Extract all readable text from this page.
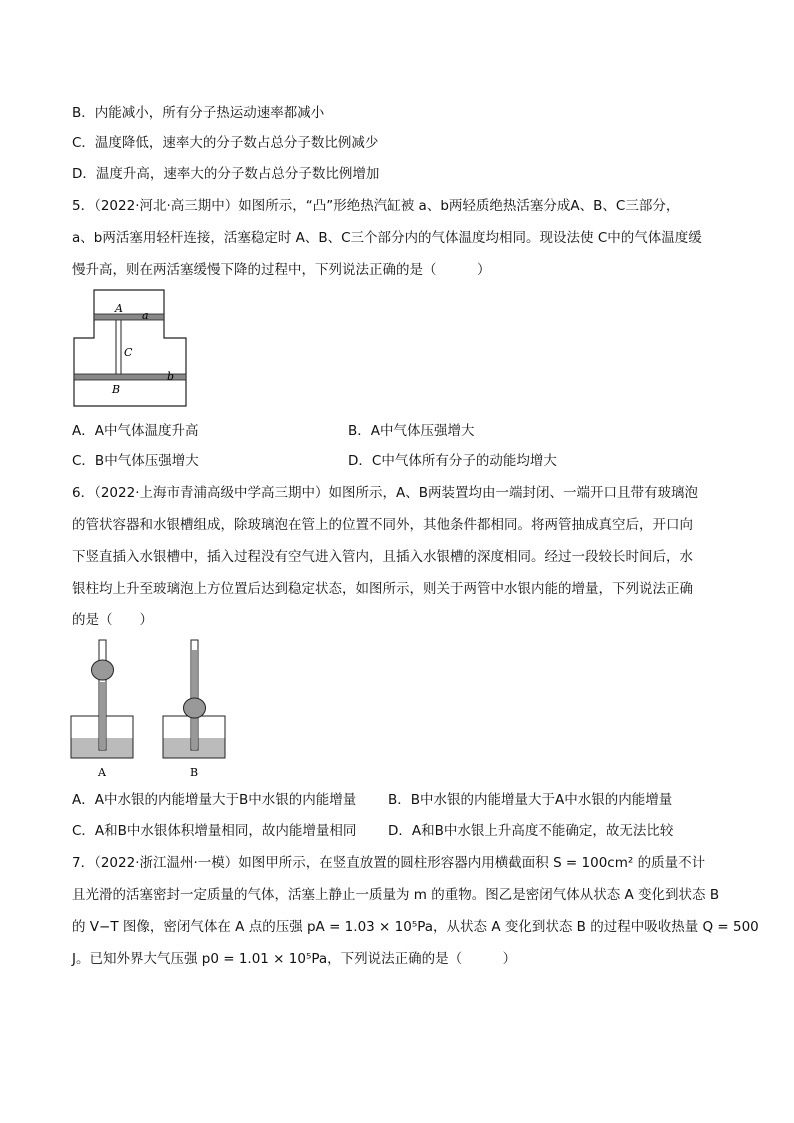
B．内能减小，所有分子热运动速率都减小
C．温度降低，速率大的分子数占总分子数比例减少
D．温度升高，速率大的分子数占总分子数比例增加
5．（2022·河北·高三期中）如图所示，“凸”形绝热汽缸被 a、b两轻质绝热活塞分成A、B、C三部分，
a、b两活塞用轻杆连接，活塞稳定时 A、B、C三个部分内的气体温度均相同。现设法使 C中的气体温度缓
慢升高，则在两活塞缓慢下降的过程中，下列说法正确的是（　　　）
A
a
C
B
b
A．A中气体温度升高	B．A中气体压强增大
C．B中气体压强增大	D．C中气体所有分子的动能均增大
6．（2022·上海市青浦高级中学高三期中）如图所示，A、B两装置均由一端封闭、一端开口且带有玻璃泡
的管状容器和水银槽组成，除玻璃泡在管上的位置不同外，其他条件都相同。将两管抽成真空后，开口向
下竖直插入水银槽中，插入过程没有空气进入管内，且插入水银槽的深度相同。经过一段较长时间后，水
银柱均上升至玻璃泡上方位置后达到稳定状态，如图所示，则关于两管中水银内能的增量，下列说法正确
的是（　　）
A	B
A．A中水银的内能增量大于B中水银的内能增量 B．B中水银的内能增量大于A中水银的内能增量
C．A和B中水银体积增量相同，故内能增量相同 D．A和B中水银上升高度不能确定，故无法比较
7．（2022·浙江温州·一模）如图甲所示，在竖直放置的圆柱形容器内用横截面积 S = 100cm² 的质量不计
且光滑的活塞密封一定质量的气体，活塞上静止一质量为 m 的重物。图乙是密闭气体从状态 A 变化到状态 B
的 V−T 图像，密闭气体在 A 点的压强 pA = 1.03 × 10⁵Pa，从状态 A 变化到状态 B 的过程中吸收热量 Q = 500
J。已知外界大气压强 p0 = 1.01 × 10⁵Pa，下列说法正确的是（　　　）
